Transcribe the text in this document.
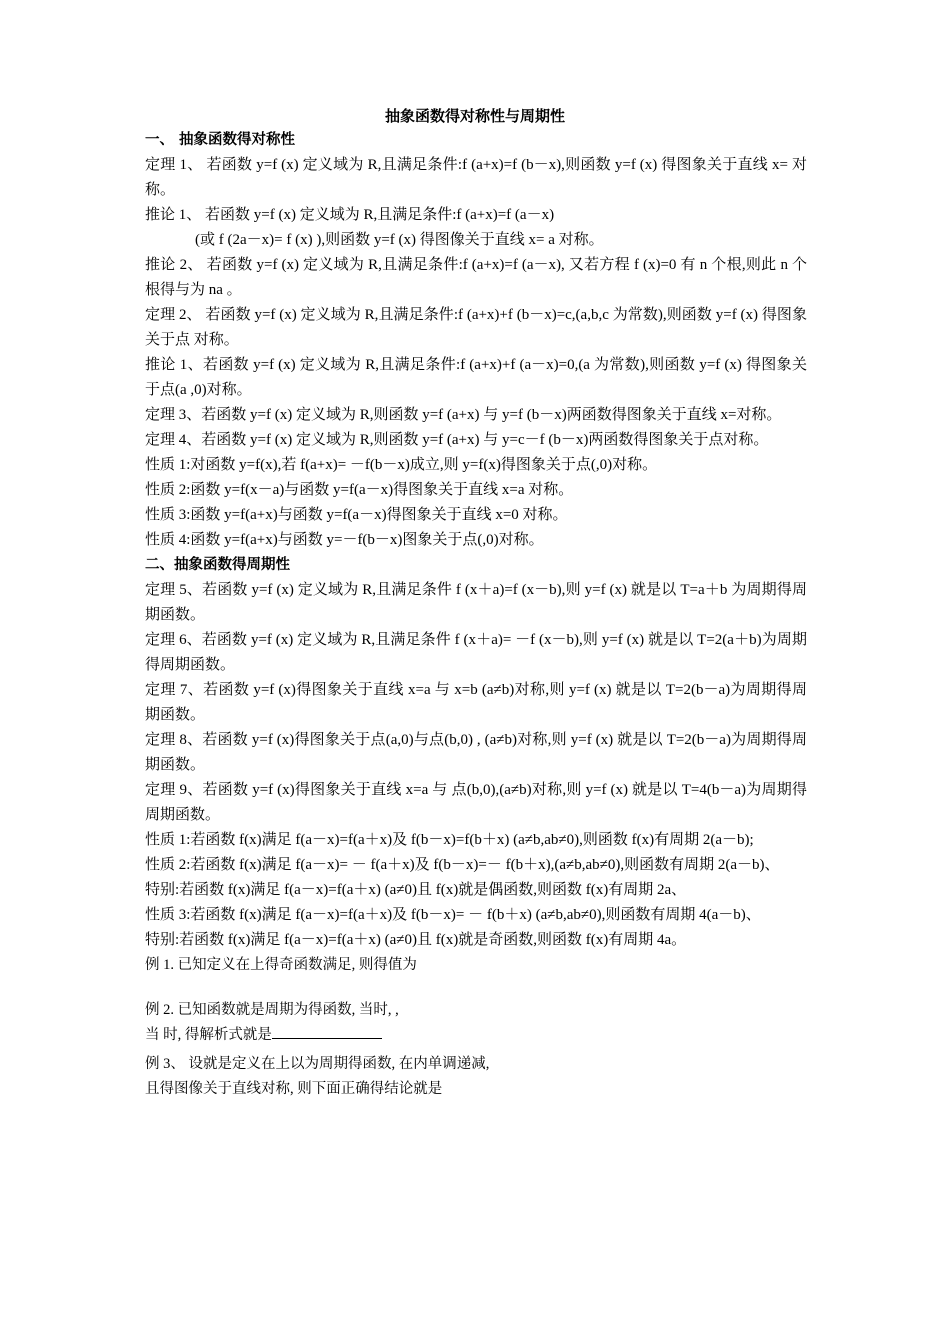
抽象函数得对称性与周期性

一、 抽象函数得对称性

定理 1、 若函数 y=f (x) 定义域为 R,且满足条件:f (a+x)=f (b－x),则函数 y=f (x) 得图象关于直线 x= 对称。

推论 1、 若函数 y=f (x) 定义域为 R,且满足条件:f (a+x)=f (a－x)

(或 f (2a－x)= f (x) ),则函数 y=f (x) 得图像关于直线 x= a 对称。

推论 2、 若函数 y=f (x) 定义域为 R,且满足条件:f (a+x)=f (a－x), 又若方程 f (x)=0 有 n 个根,则此 n 个根得与为 na 。

定理 2、 若函数 y=f (x) 定义域为 R,且满足条件:f (a+x)+f (b－x)=c,(a,b,c 为常数),则函数 y=f (x) 得图象关于点 对称。

推论 1、若函数 y=f (x) 定义域为 R,且满足条件:f (a+x)+f (a－x)=0,(a 为常数),则函数 y=f (x) 得图象关于点(a ,0)对称。

定理 3、若函数 y=f (x) 定义域为 R,则函数 y=f (a+x) 与 y=f (b－x)两函数得图象关于直线 x=对称。

定理 4、若函数 y=f (x) 定义域为 R,则函数 y=f (a+x) 与 y=c－f (b－x)两函数得图象关于点对称。

性质 1:对函数 y=f(x),若 f(a+x)= －f(b－x)成立,则 y=f(x)得图象关于点(,0)对称。

性质 2:函数 y=f(x－a)与函数 y=f(a－x)得图象关于直线 x=a 对称。

性质 3:函数 y=f(a+x)与函数 y=f(a－x)得图象关于直线 x=0 对称。

性质 4:函数 y=f(a+x)与函数 y=－f(b－x)图象关于点(,0)对称。

二、抽象函数得周期性

定理 5、若函数 y=f (x) 定义域为 R,且满足条件 f (x＋a)=f (x－b),则 y=f (x) 就是以 T=a＋b 为周期得周期函数。

定理 6、若函数 y=f (x) 定义域为 R,且满足条件 f (x＋a)= －f (x－b),则 y=f (x) 就是以 T=2(a＋b)为周期得周期函数。

定理 7、若函数 y=f (x)得图象关于直线 x=a 与 x=b (a≠b)对称,则 y=f (x) 就是以 T=2(b－a)为周期得周期函数。

定理 8、若函数 y=f (x)得图象关于点(a,0)与点(b,0) , (a≠b)对称,则 y=f (x) 就是以 T=2(b－a)为周期得周期函数。

定理 9、若函数 y=f (x)得图象关于直线 x=a 与 点(b,0),(a≠b)对称,则 y=f (x) 就是以 T=4(b－a)为周期得周期函数。

性质 1:若函数 f(x)满足 f(a－x)=f(a＋x)及 f(b－x)=f(b＋x) (a≠b,ab≠0),则函数 f(x)有周期 2(a－b);

性质 2:若函数 f(x)满足 f(a－x)= － f(a＋x)及 f(b－x)=－ f(b＋x),(a≠b,ab≠0),则函数有周期 2(a－b)、

特别:若函数 f(x)满足 f(a－x)=f(a＋x) (a≠0)且 f(x)就是偶函数,则函数 f(x)有周期 2a、

性质 3:若函数 f(x)满足 f(a－x)=f(a＋x)及 f(b－x)= － f(b＋x) (a≠b,ab≠0),则函数有周期 4(a－b)、

特别:若函数 f(x)满足 f(a－x)=f(a＋x) (a≠0)且 f(x)就是奇函数,则函数 f(x)有周期 4a。

例 1. 已知定义在上得奇函数满足, 则得值为

例 2. 已知函数就是周期为得函数, 当时, ,

当 时, 得解析式就是

例 3、 设就是定义在上以为周期得函数, 在内单调递减,

且得图像关于直线对称, 则下面正确得结论就是
